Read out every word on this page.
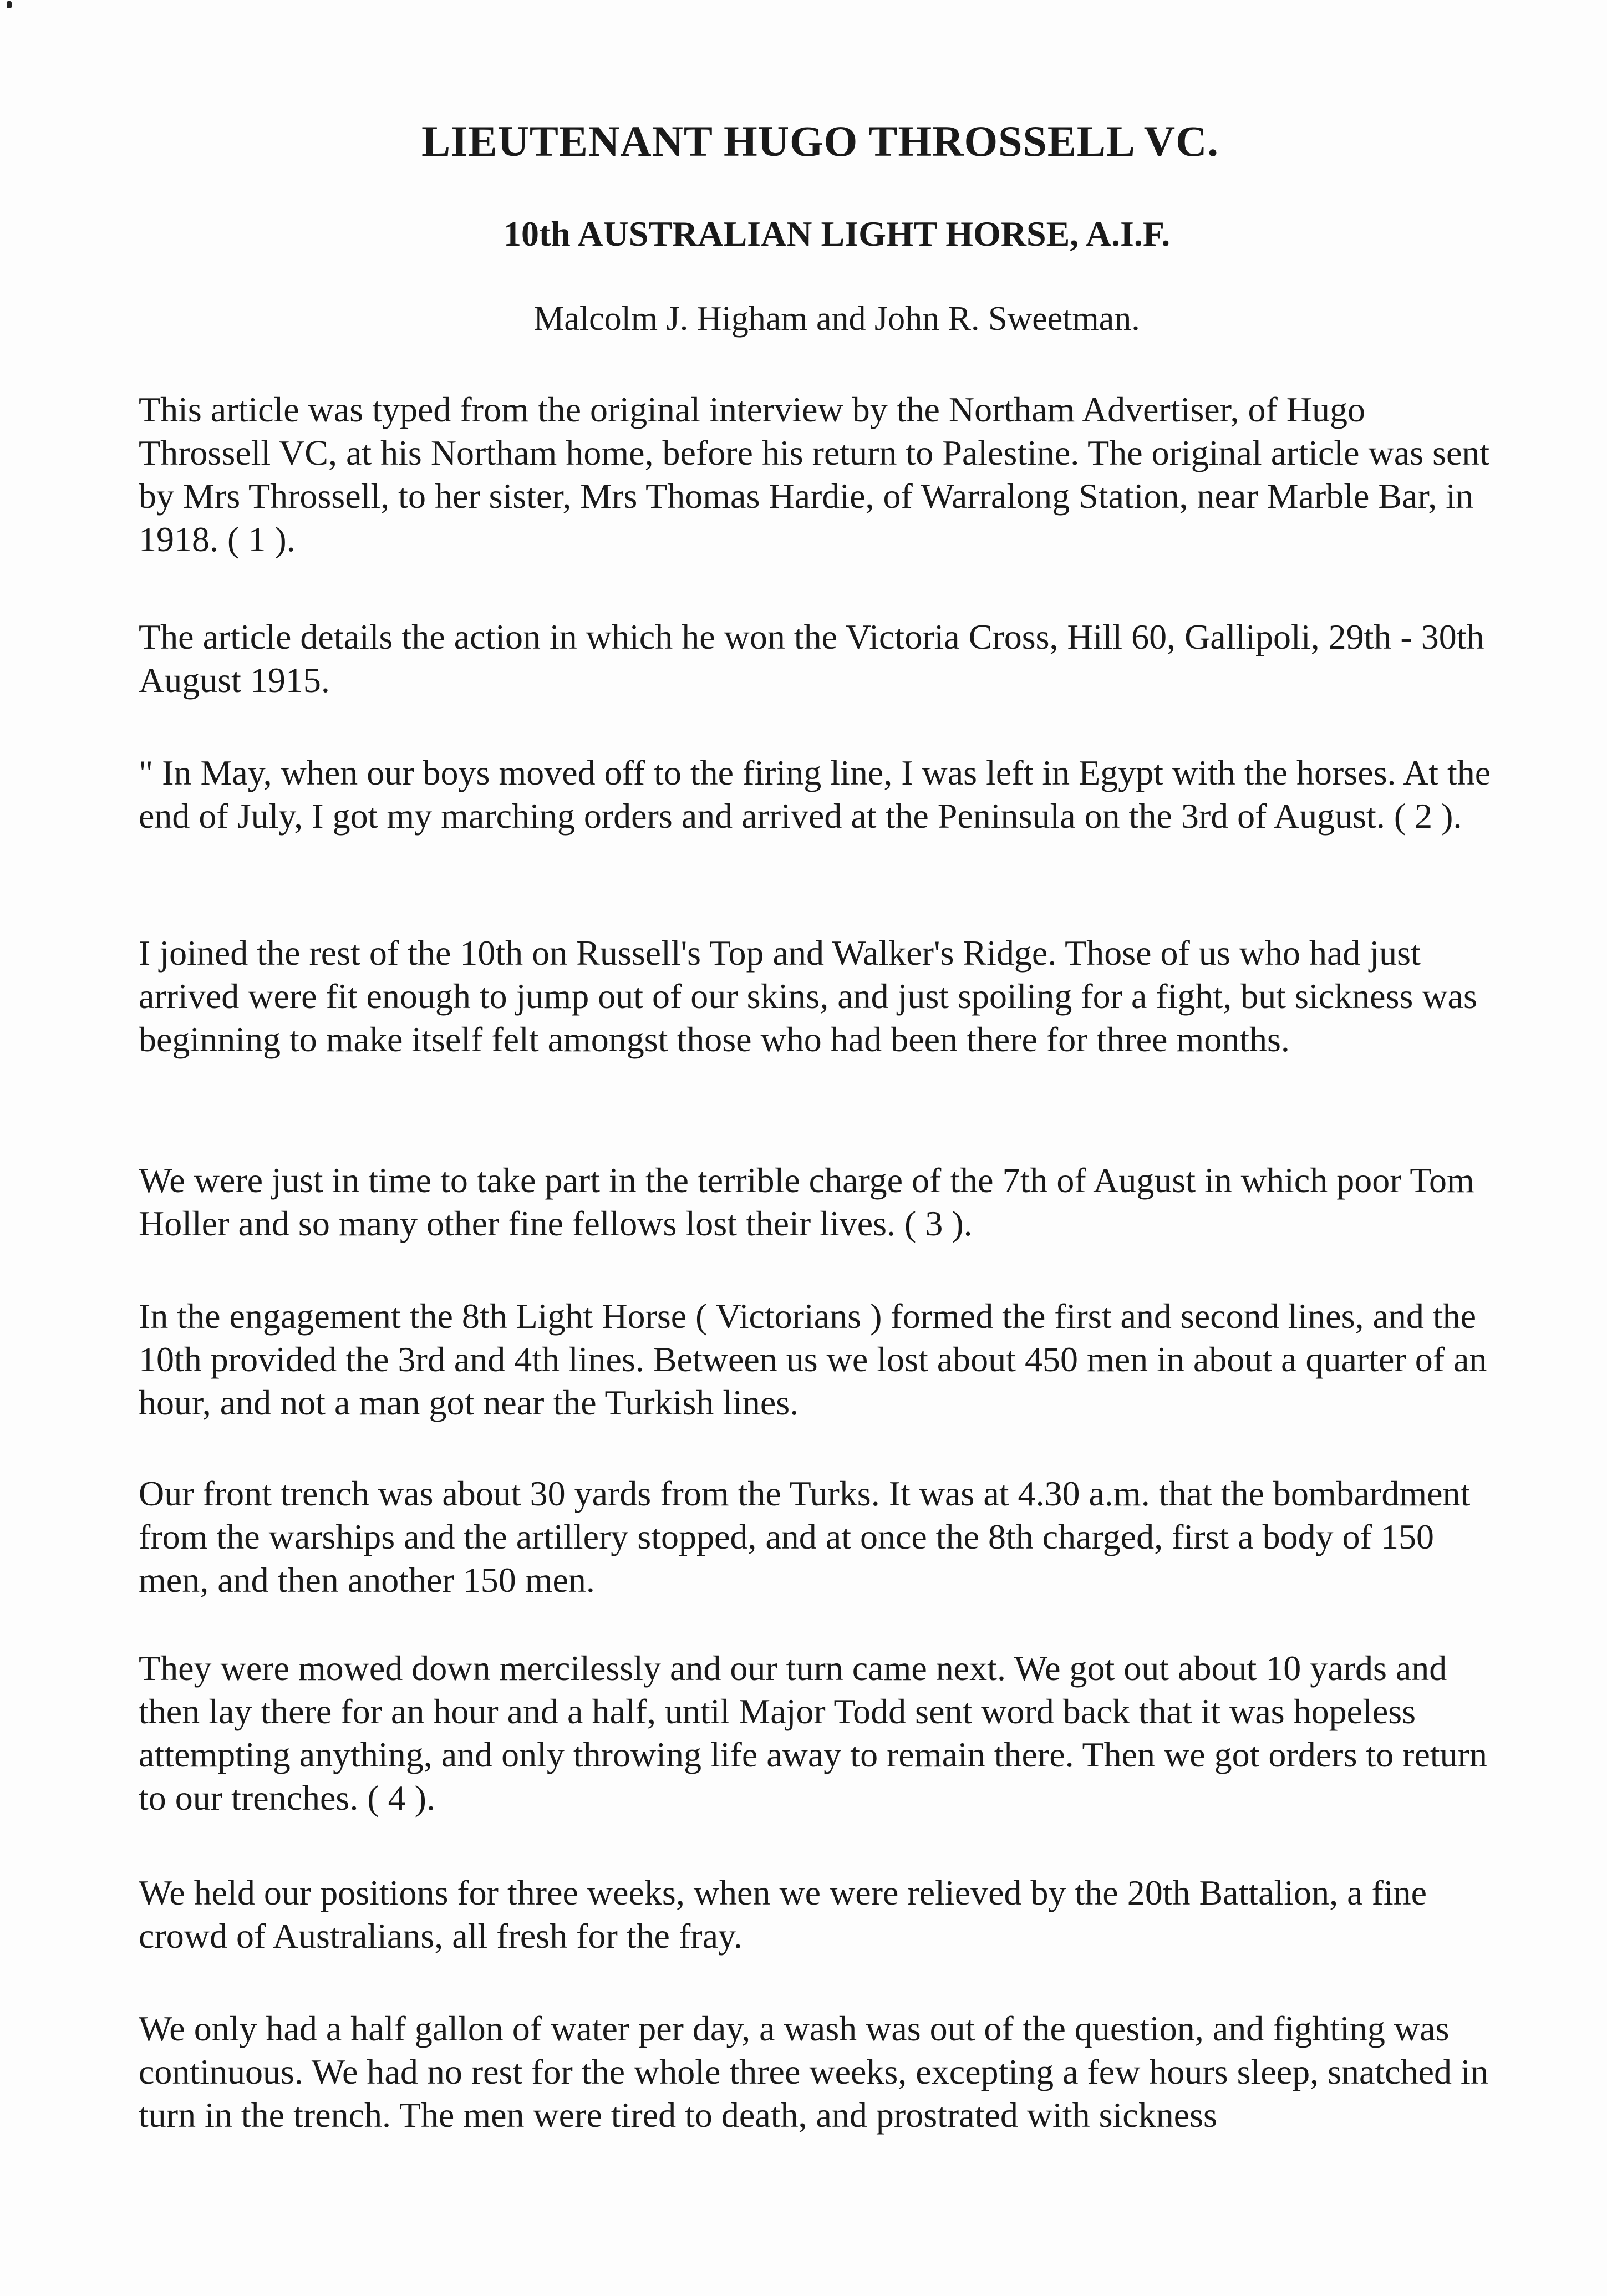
LIEUTENANT HUGO THROSSELL VC.
10th AUSTRALIAN LIGHT HORSE, A.I.F.

Malcolm J. Higham and John R. Sweetman.

This article was typed from the original interview by the Northam Advertiser, of Hugo Throssell VC, at his Northam home, before his return to Palestine. The original article was sent by Mrs Throssell, to her sister, Mrs Thomas Hardie, of Warralong Station, near Marble Bar, in 1918. ( 1 ).

The article details the action in which he won the Victoria Cross, Hill 60, Gallipoli, 29th - 30th August 1915.

" In May, when our boys moved off to the firing line, I was left in Egypt with the horses. At the end of July, I got my marching orders and arrived at the Peninsula on the 3rd of August. ( 2 ).

I joined the rest of the 10th on Russell's Top and Walker's Ridge. Those of us who had just arrived were fit enough to jump out of our skins, and just spoiling for a fight, but sickness was beginning to make itself felt amongst those who had been there for three months.

We were just in time to take part in the terrible charge of the 7th of August in which poor Tom Holler and so many other fine fellows lost their lives. ( 3 ).

In the engagement the 8th Light Horse ( Victorians ) formed the first and second lines, and the 10th provided the 3rd and 4th lines. Between us we lost about 450 men in about a quarter of an hour, and not a man got near the Turkish lines.

Our front trench was about 30 yards from the Turks. It was at 4.30 a.m. that the bombardment from the warships and the artillery stopped, and at once the 8th charged, first a body of 150 men, and then another 150 men.

They were mowed down mercilessly and our turn came next. We got out about 10 yards and then lay there for an hour and a half, until Major Todd sent word back that it was hopeless attempting anything, and only throwing life away to remain there. Then we got orders to return to our trenches. ( 4 ).

We held our positions for three weeks, when we were relieved by the 20th Battalion, a fine crowd of Australians, all fresh for the fray.

We only had a half gallon of water per day, a wash was out of the question, and fighting was continuous. We had no rest for the whole three weeks, excepting a few hours sleep, snatched in turn in the trench. The men were tired to death, and prostrated with sickness
